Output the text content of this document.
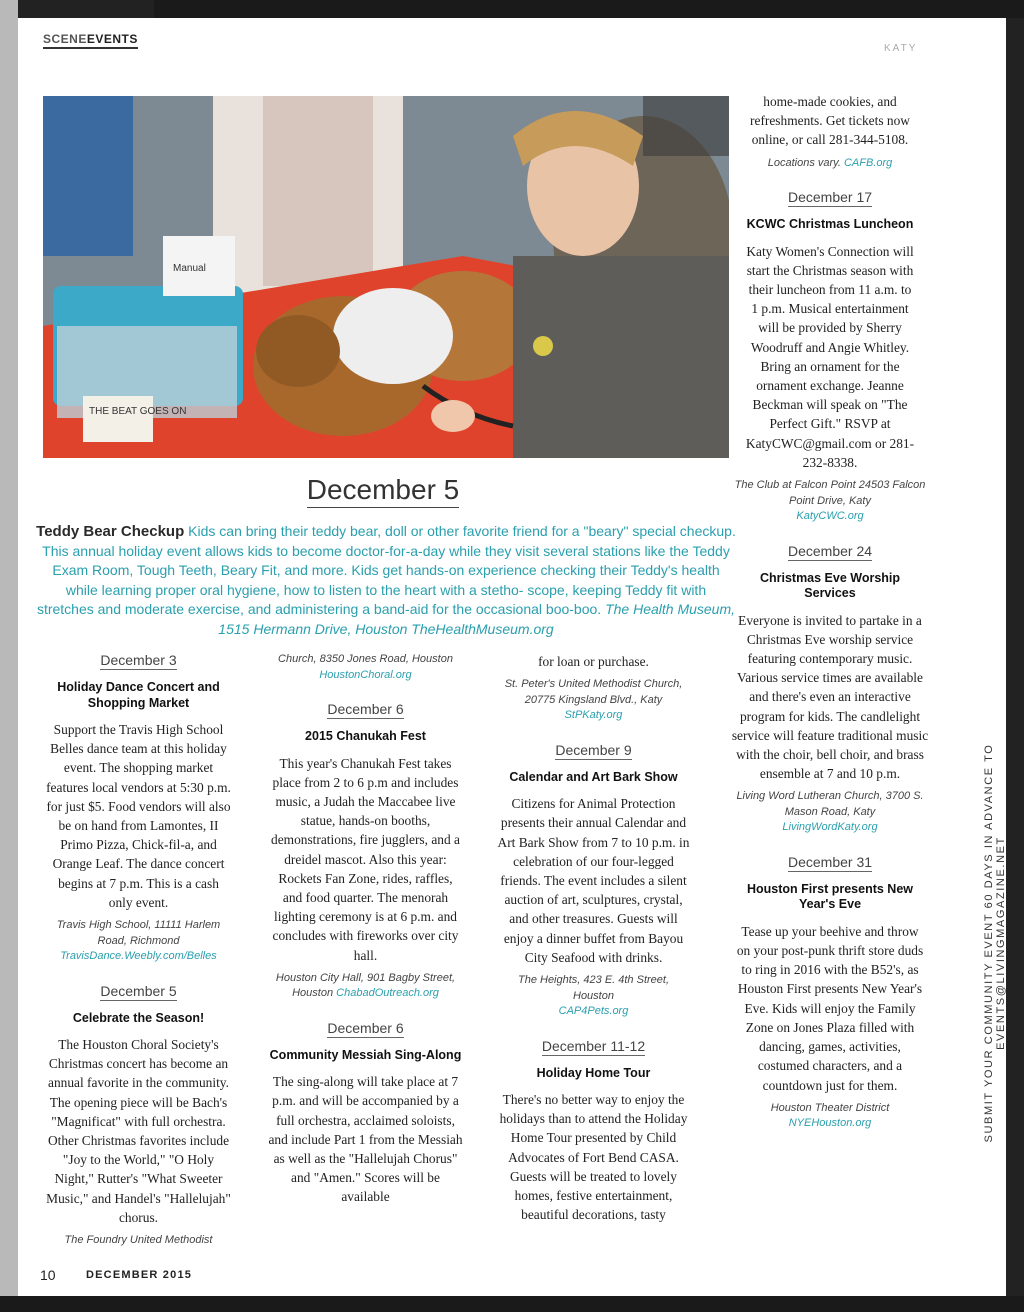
SCENEEVENTS
KATY
THE BEAT GOES ON
Manual
December 5
Teddy Bear Checkup Kids can bring their teddy bear, doll or other favorite friend for a "beary" special checkup. This annual holiday event allows kids to become doctor-for-a-day while they visit several stations like the Teddy Exam Room, Tough Teeth, Beary Fit, and more. Kids get hands-on experience checking their Teddy's health while learning proper oral hygiene, how to listen to the heart with a stetho- scope, keeping Teddy fit with stretches and moderate exercise, and administering a band-aid for the occasional boo-boo. The Health Museum, 1515 Hermann Drive, Houston TheHealthMuseum.org
December 3
Holiday Dance Concert and Shopping Market
Support the Travis High School Belles dance team at this holiday event. The shopping market features local vendors at 5:30 p.m. for just $5. Food vendors will also be on hand from Lamontes, II Primo Pizza, Chick-fil-a, and Orange Leaf. The dance concert begins at 7 p.m. This is a cash only event.
Travis High School, 11111 Harlem Road, Richmond TravisDance.Weebly.com/Belles
December 5
Celebrate the Season!
The Houston Choral Society's Christmas concert has become an annual favorite in the community. The opening piece will be Bach's "Magnificat" with full orchestra. Other Christmas favorites include "Joy to the World," "O Holy Night," Rutter's "What Sweeter Music," and Handel's "Hallelujah" chorus.
The Foundry United Methodist
Church, 8350 Jones Road, Houston
HoustonChoral.org
December 6
2015 Chanukah Fest
This year's Chanukah Fest takes place from 2 to 6 p.m and includes music, a Judah the Maccabee live statue, hands-on booths, demonstrations, fire jugglers, and a dreidel mascot. Also this year: Rockets Fan Zone, rides, raffles, and food quarter. The menorah lighting ceremony is at 6 p.m. and concludes with fireworks over city hall.
Houston City Hall, 901 Bagby Street, Houston ChabadOutreach.org
December 6
Community Messiah Sing-Along
The sing-along will take place at 7 p.m. and will be accompanied by a full orchestra, acclaimed soloists, and include Part 1 from the Messiah as well as the "Hallelujah Chorus" and "Amen." Scores will be available
for loan or purchase.
St. Peter's United Methodist Church, 20775 Kingsland Blvd., Katy
StPKaty.org
December 9
Calendar and Art Bark Show
Citizens for Animal Protection presents their annual Calendar and Art Bark Show from 7 to 10 p.m. in celebration of our four-legged friends. The event includes a silent auction of art, sculptures, crystal, and other treasures. Guests will enjoy a dinner buffet from Bayou City Seafood with drinks.
The Heights, 423 E. 4th Street, Houston
CAP4Pets.org
December 11-12
Holiday Home Tour
There's no better way to enjoy the holidays than to attend the Holiday Home Tour presented by Child Advocates of Fort Bend CASA. Guests will be treated to lovely homes, festive entertainment, beautiful decorations, tasty
home-made cookies, and refreshments. Get tickets now online, or call 281-344-5108.
Locations vary. CAFB.org
December 17
KCWC Christmas Luncheon
Katy Women's Connection will start the Christmas season with their luncheon from 11 a.m. to 1 p.m. Musical entertainment will be provided by Sherry Woodruff and Angie Whitley. Bring an ornament for the ornament exchange. Jeanne Beckman will speak on "The Perfect Gift." RSVP at KatyCWC@gmail.com or 281-232-8338.
The Club at Falcon Point 24503 Falcon Point Drive, Katy
KatyCWC.org
December 24
Christmas Eve Worship Services
Everyone is invited to partake in a Christmas Eve worship service featuring contemporary music. Various service times are available and there's even an interactive program for kids. The candlelight service will feature traditional music with the choir, bell choir, and brass ensemble at 7 and 10 p.m.
Living Word Lutheran Church, 3700 S. Mason Road, Katy
LivingWordKaty.org
December 31
Houston First presents New Year's Eve
Tease up your beehive and throw on your post-punk thrift store duds to ring in 2016 with the B52's, as Houston First presents New Year's Eve. Kids will enjoy the Family Zone on Jones Plaza filled with dancing, games, activities, costumed characters, and a countdown just for them.
Houston Theater District
NYEHouston.org	SUBMIT YOUR COMMUNITY EVENT 60 DAYS IN ADVANCE TO EVENTS@LIVINGMAGAZINE.NET
10	DECEMBER 2015
